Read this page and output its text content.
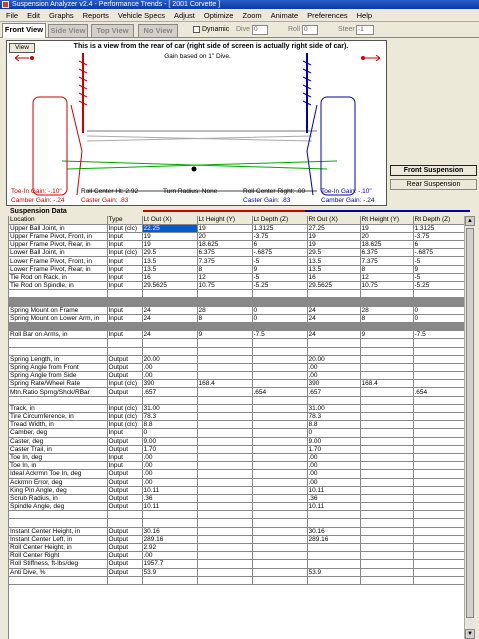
Suspension Analyzer v2.4 - Performance Trends - [ 2001 Corvette ]
File Edit Graphs Reports Vehicle Specs Adjust Optimize Zoom Animate Preferences Help
Front View Side View	Top View	No View	Dynamic Dive 0	Roll 0	Steer -1
View	This is a view from the rear of car (right side of screen is actually right side of car).
Gain based on 1" Dive.
Toe-In Gain: -.10"
Camber Gain: -.24
Roll Center Ht: 2.92
Caster Gain: .83
Turn Radius: None	Roll Center Right: .00
Caster Gain: .83
Toe-In Gain: -.10"
Camber Gain: -.24
Front Suspension
Rear Suspension
Suspension Data
Location	Type	Lt Out (X)	Lt Height (Y)	Lt Depth (Z)	Rt Out (X)	Rt Height (Y)	Rt Depth (Z)
Upper Ball Joint, in	Input (clc)	22.25	19	1.3125	27.25	19	1.3125
Upper Frame Pivot, Front, in	Input	19	20	-3.75	19	20	-3.75
Upper Frame Pivot, Rear, in	Input	19	18.625	6	19	18.625	6
Lower Ball Joint, in	Input (clc)	29.5	6.375	-.6875	29.5	6.375	-.6875
Lower Frame Pivot, Front, in	Input	13.5	7.375	-5	13.5	7.375	-5
Lower Frame Pivot, Rear, in	Input	13.5	8	9	13.5	8	9
Tie Rod on Rack, in	Input	16	12	-5	16	12	-5
Tie Rod on Spindle, in	Input	29.5625	10.75	-5.25	29.5625	10.75	-5.25

Spring Mount on Frame	Input	24	28	0	24	28	0
Spring Mount on Lower Arm, in	Input	24	8	0	24	8	0

Roll Bar on Arms, in	Input	24	9	-7.5	24	9	-7.5

Spring Length, in	Output	20.00			20.00		
Spring Angle from Front	Output	.00			.00		
Spring Angle from Side	Output	.00			.00		
Spring Rate/Wheel Rate	Input (clc)	390	168.4		390	168.4	
Mtn.Ratio Sprng/Shck/RBar	Output	.657		.654	.657		.654

Track, in	Input (clc)	31.00			31.00		
Tire Circumference, in	Input (clc)	78.3			78.3		
Tread Width, in	Input (clc)	8.8			8.8		
Camber, deg	Input	0			0		
Caster, deg	Output	9.00			9.00		
Caster Trail, in	Output	1.70			1.70		
Toe In, deg	Input	.00			.00		
Toe In, in	Input	.00			.00		
Ideal Ackrmn Toe In, deg	Output	.00			.00		
Ackrmn Error, deg	Output	.00			.00		
King Pin Angle, deg	Output	10.11			10.11		
Scrub Radius, in	Output	.36			.36		
Spindle Angle, deg	Output	10.11			10.11		

Instant Center Height, in	Output	30.16			30.16		
Instant Center Left, in	Output	289.16			289.16		
Roll Center Height, in	Output	2.92					
Roll Center Right	Output	.00					
Roll Stiffness, ft-lbs/deg	Output	1957.7					
Anti Dive, %	Output	53.9			53.9		

▲
▼
